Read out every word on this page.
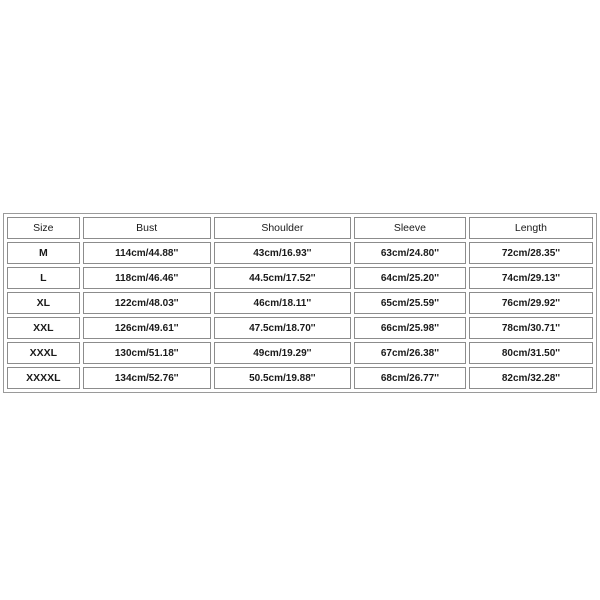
Size	Bust	Shoulder	Sleeve	Length
M	114cm/44.88''	43cm/16.93''	63cm/24.80''	72cm/28.35''
L	118cm/46.46''	44.5cm/17.52''	64cm/25.20''	74cm/29.13''
XL	122cm/48.03''	46cm/18.11''	65cm/25.59''	76cm/29.92''
XXL	126cm/49.61''	47.5cm/18.70''	66cm/25.98''	78cm/30.71''
XXXL	130cm/51.18''	49cm/19.29''	67cm/26.38''	80cm/31.50''
XXXXL	134cm/52.76''	50.5cm/19.88''	68cm/26.77''	82cm/32.28''
